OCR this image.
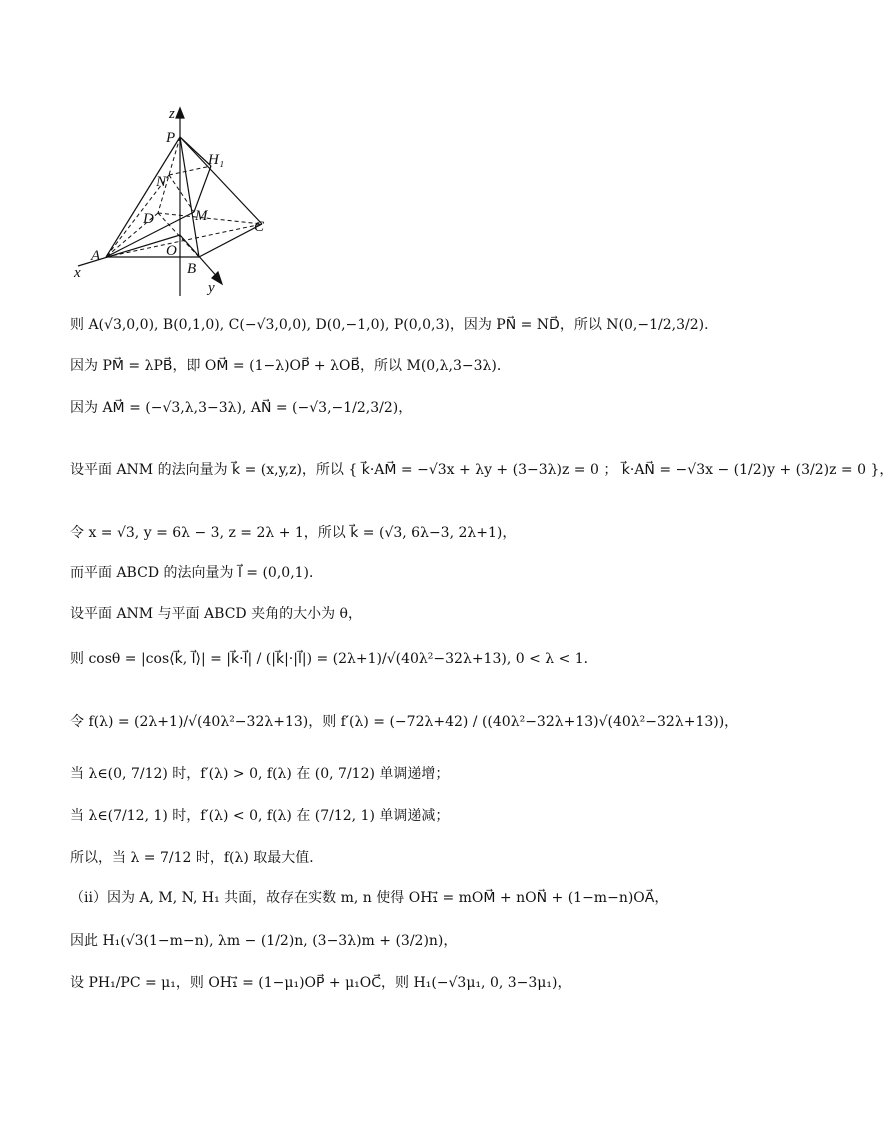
z
P
H₁
N
D	M
C
A	O
B
x
y
则 A(√3,0,0), B(0,1,0), C(−√3,0,0), D(0,−1,0), P(0,0,3)，因为 PN⃗ = ND⃗，所以 N(0,−1/2,3/2)．
因为 PM⃗ = λPB⃗，即 OM⃗ = (1−λ)OP⃗ + λOB⃗，所以 M(0,λ,3−3λ)．
因为 AM⃗ = (−√3,λ,3−3λ), AN⃗ = (−√3,−1/2,3/2)，
设平面 ANM 的法向量为 k⃗ = (x,y,z)，所以 { k⃗·AM⃗ = −√3x + λy + (3−3λ)z = 0 ； k⃗·AN⃗ = −√3x − (1/2)y + (3/2)z = 0 }，
令 x = √3, y = 6λ − 3, z = 2λ + 1，所以 k⃗ = (√3, 6λ−3, 2λ+1)，
而平面 ABCD 的法向量为 l⃗ = (0,0,1)．
设平面 ANM 与平面 ABCD 夹角的大小为 θ，
则 cosθ = |cos⟨k⃗, l⃗⟩| = |k⃗·l⃗| / (|k⃗|·|l⃗|) = (2λ+1)/√(40λ²−32λ+13), 0 < λ < 1．
令 f(λ) = (2λ+1)/√(40λ²−32λ+13)，则 f′(λ) = (−72λ+42) / ((40λ²−32λ+13)√(40λ²−32λ+13))，
当 λ∈(0, 7/12) 时，f′(λ) > 0, f(λ) 在 (0, 7/12) 单调递增；
当 λ∈(7/12, 1) 时，f′(λ) < 0, f(λ) 在 (7/12, 1) 单调递减；
所以，当 λ = 7/12 时，f(λ) 取最大值．
（ii）因为 A, M, N, H₁ 共面，故存在实数 m, n 使得 OH₁⃗ = mOM⃗ + nON⃗ + (1−m−n)OA⃗，
因此 H₁(√3(1−m−n), λm − (1/2)n, (3−3λ)m + (3/2)n)，
设 PH₁/PC = μ₁，则 OH₁⃗ = (1−μ₁)OP⃗ + μ₁OC⃗，则 H₁(−√3μ₁, 0, 3−3μ₁)，
